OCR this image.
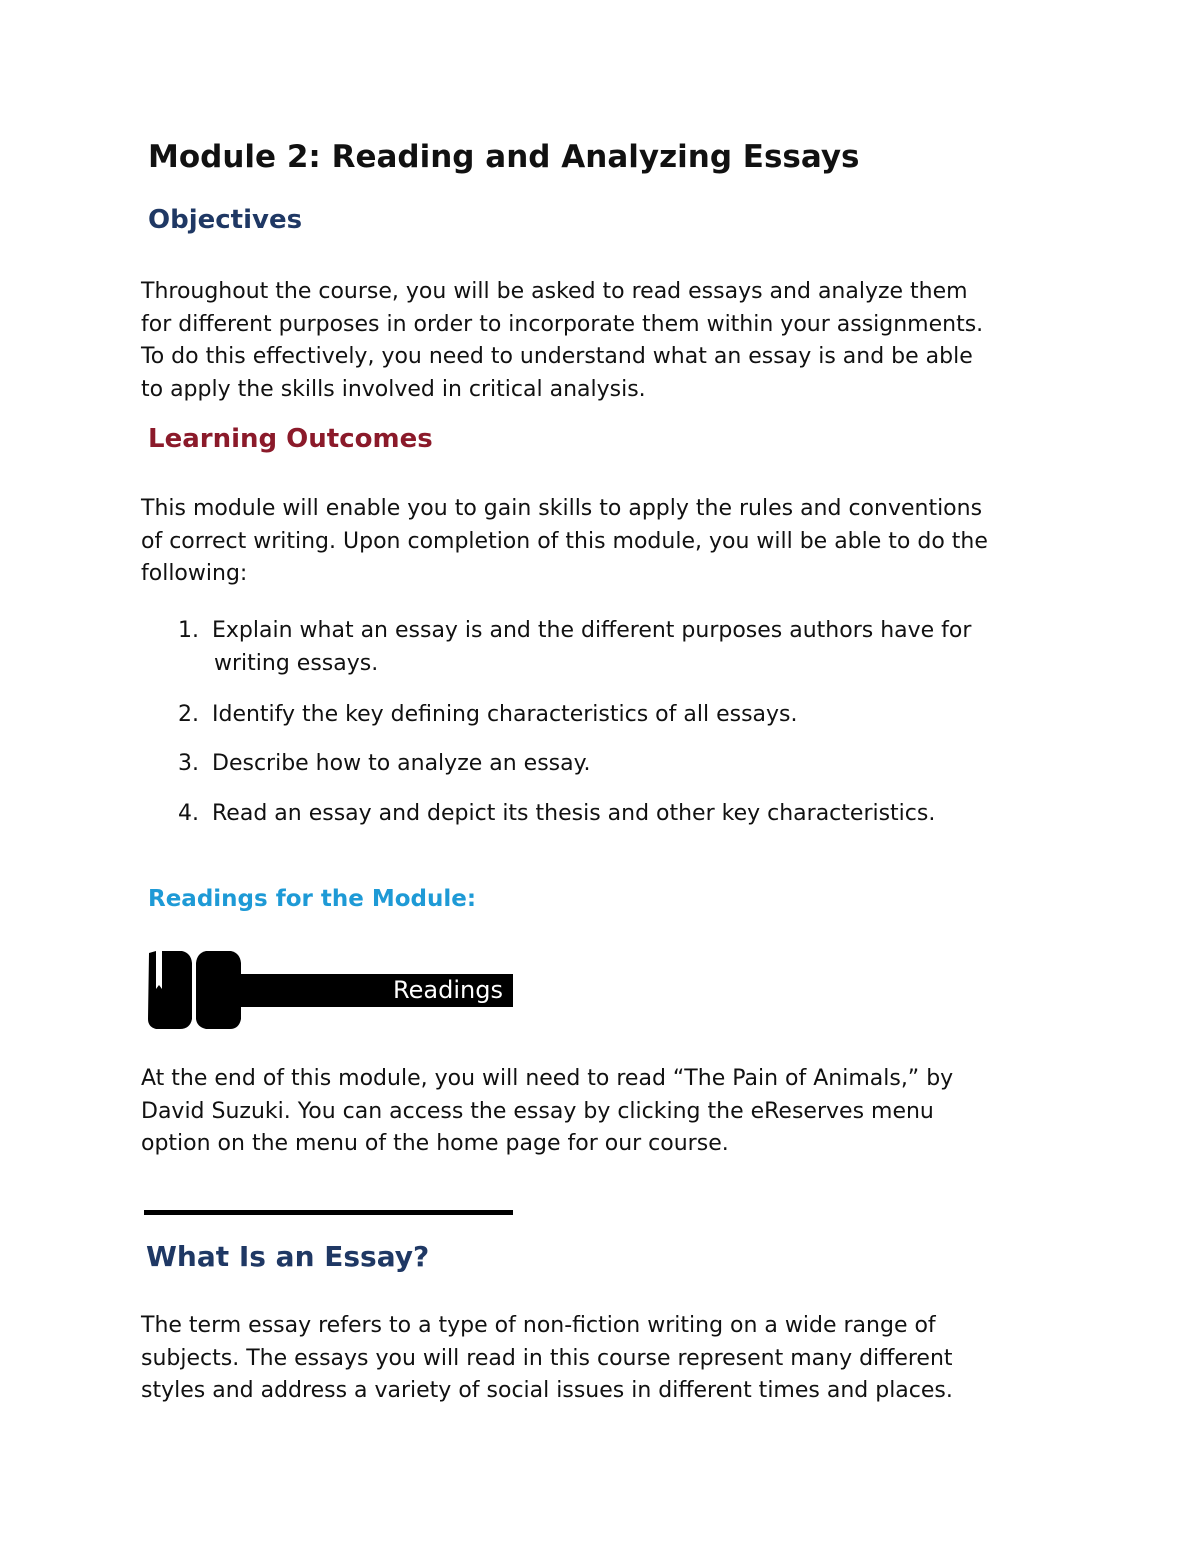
Module 2: Reading and Analyzing Essays
Objectives

Throughout the course, you will be asked to read essays and analyze them
for different purposes in order to incorporate them within your assignments.
To do this effectively, you need to understand what an essay is and be able
to apply the skills involved in critical analysis.

Learning Outcomes

This module will enable you to gain skills to apply the rules and conventions
of correct writing. Upon completion of this module, you will be able to do the
following:

1. Explain what an essay is and the different purposes authors have for
writing essays.
2. Identify the key defining characteristics of all essays.
3. Describe how to analyze an essay.
4. Read an essay and depict its thesis and other key characteristics.
Readings for the Module:
Readings

At the end of this module, you will need to read “The Pain of Animals,” by
David Suzuki. You can access the essay by clicking the eReserves menu
option on the menu of the home page for our course.

What Is an Essay?

The term essay refers to a type of non-fiction writing on a wide range of
subjects. The essays you will read in this course represent many different
styles and address a variety of social issues in different times and places.
